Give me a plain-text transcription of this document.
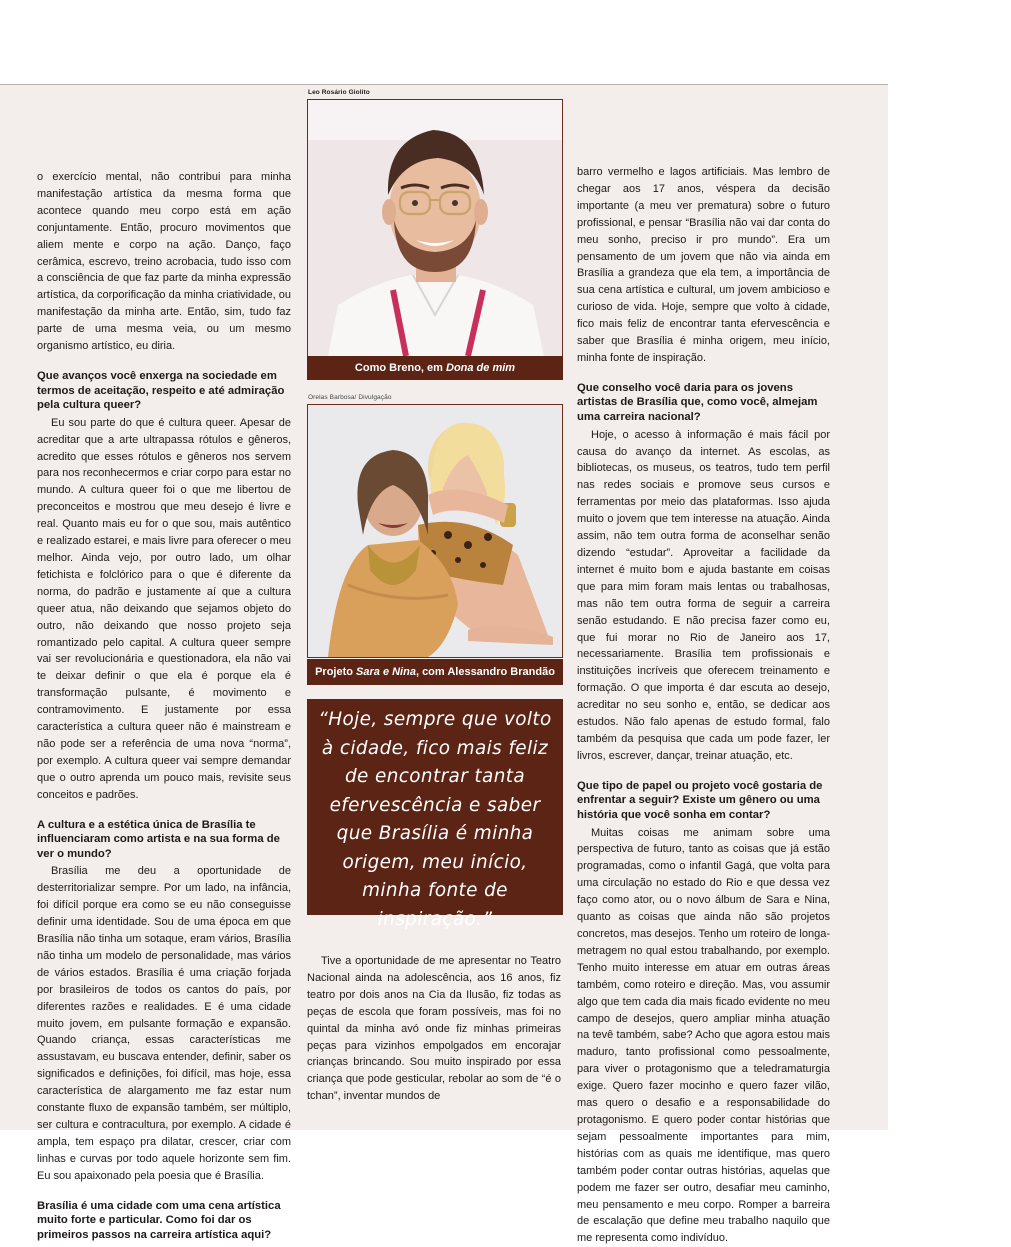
o exercício mental, não contribui para minha manifestação artística da mesma forma que acontece quando meu corpo está em ação conjuntamente. Então, procuro movimentos que aliem mente e corpo na ação. Danço, faço cerâmica, escrevo, treino acrobacia, tudo isso com a consciência de que faz parte da minha expressão artística, da corporificação da minha criatividade, ou manifestação da minha arte. Então, sim, tudo faz parte de uma mesma veia, ou um mesmo organismo artístico, eu diria.

Que avanços você enxerga na sociedade em termos de aceitação, respeito e até admiração pela cultura queer?

Eu sou parte do que é cultura queer. Apesar de acreditar que a arte ultrapassa rótulos e gêneros, acredito que esses rótulos e gêneros nos servem para nos reconhecermos e criar corpo para estar no mundo. A cultura queer foi o que me libertou de preconceitos e mostrou que meu desejo é livre e real. Quanto mais eu for o que sou, mais autêntico e realizado estarei, e mais livre para oferecer o meu melhor. Ainda vejo, por outro lado, um olhar fetichista e folclórico para o que é diferente da norma, do padrão e justamente aí que a cultura queer atua, não deixando que sejamos objeto do outro, não deixando que nosso projeto seja romantizado pelo capital. A cultura queer sempre vai ser revolucionária e questionadora, ela não vai te deixar definir o que ela é porque ela é transformação pulsante, é movimento e contramovimento. E justamente por essa característica a cultura queer não é mainstream e não pode ser a referência de uma nova “norma”, por exemplo. A cultura queer vai sempre demandar que o outro aprenda um pouco mais, revisite seus conceitos e padrões.

A cultura e a estética única de Brasília te influenciaram como artista e na sua forma de ver o mundo?

Brasília me deu a oportunidade de desterritorializar sempre. Por um lado, na infância, foi difícil porque era como se eu não conseguisse definir uma identidade. Sou de uma época em que Brasília não tinha um sotaque, eram vários, Brasília não tinha um modelo de personalidade, mas vários de vários estados. Brasília é uma criação forjada por brasileiros de todos os cantos do país, por diferentes razões e realidades. E é uma cidade muito jovem, em pulsante formação e expansão. Quando criança, essas características me assustavam, eu buscava entender, definir, saber os significados e definições, foi difícil, mas hoje, essa característica de alargamento me faz estar num constante fluxo de expansão também, ser múltiplo, ser cultura e contracultura, por exemplo. A cidade é ampla, tem espaço pra dilatar, crescer, criar com linhas e curvas por todo aquele horizonte sem fim. Eu sou apaixonado pela poesia que é Brasília.

Brasília é uma cidade com uma cena artística muito forte e particular. Como foi dar os primeiros passos na carreira artística aqui?
Leo Rosário Giolito
Como Breno, em Dona de mim
Orelas Barbosa/ Divulgação
Projeto Sara e Nina, com Alessandro Brandão
“Hoje, sempre que volto à cidade, fico mais feliz de encontrar tanta efervescência e saber que Brasília é minha origem, meu início, minha fonte de inspiração.”

Tive a oportunidade de me apresentar no Teatro Nacional ainda na adolescência, aos 16 anos, fiz teatro por dois anos na Cia da Ilusão, fiz todas as peças de escola que foram possíveis, mas foi no quintal da minha avó onde fiz minhas primeiras peças para vizinhos empolgados em encorajar crianças brincando. Sou muito inspirado por essa criança que pode gesticular, rebolar ao som de “é o tchan”, inventar mundos de

barro vermelho e lagos artificiais. Mas lembro de chegar aos 17 anos, véspera da decisão importante (a meu ver prematura) sobre o futuro profissional, e pensar “Brasília não vai dar conta do meu sonho, preciso ir pro mundo”. Era um pensamento de um jovem que não via ainda em Brasília a grandeza que ela tem, a importância de sua cena artística e cultural, um jovem ambicioso e curioso de vida. Hoje, sempre que volto à cidade, fico mais feliz de encontrar tanta efervescência e saber que Brasília é minha origem, meu início, minha fonte de inspiração.

Que conselho você daria para os jovens artistas de Brasília que, como você, almejam uma carreira nacional?

Hoje, o acesso à informação é mais fácil por causa do avanço da internet. As escolas, as bibliotecas, os museus, os teatros, tudo tem perfil nas redes sociais e promove seus cursos e ferramentas por meio das plataformas. Isso ajuda muito o jovem que tem interesse na atuação. Ainda assim, não tem outra forma de aconselhar senão dizendo “estudar”. Aproveitar a facilidade da internet é muito bom e ajuda bastante em coisas que para mim foram mais lentas ou trabalhosas, mas não tem outra forma de seguir a carreira senão estudando. E não precisa fazer como eu, que fui morar no Rio de Janeiro aos 17, necessariamente. Brasília tem profissionais e instituições incríveis que oferecem treinamento e formação. O que importa é dar escuta ao desejo, acreditar no seu sonho e, então, se dedicar aos estudos. Não falo apenas de estudo formal, falo também da pesquisa que cada um pode fazer, ler livros, escrever, dançar, treinar atuação, etc.

Que tipo de papel ou projeto você gostaria de enfrentar a seguir? Existe um gênero ou uma história que você sonha em contar?

Muitas coisas me animam sobre uma perspectiva de futuro, tanto as coisas que já estão programadas, como o infantil Gagá, que volta para uma circulação no estado do Rio e que dessa vez faço como ator, ou o novo álbum de Sara e Nina, quanto as coisas que ainda não são projetos concretos, mas desejos. Tenho um roteiro de longa-metragem no qual estou trabalhando, por exemplo. Tenho muito interesse em atuar em outras áreas também, como roteiro e direção. Mas, vou assumir algo que tem cada dia mais ficado evidente no meu campo de desejos, quero ampliar minha atuação na tevê também, sabe? Acho que agora estou mais maduro, tanto profissional como pessoalmente, para viver o protagonismo que a teledramaturgia exige. Quero fazer mocinho e quero fazer vilão, mas quero o desafio e a responsabilidade do protagonismo. E quero poder contar histórias que sejam pessoalmente importantes para mim, histórias com as quais me identifique, mas quero também poder contar outras histórias, aquelas que podem me fazer ser outro, desafiar meu caminho, meu pensamento e meu corpo. Romper a barreira de escalação que define meu trabalho naquilo que me representa como indivíduo.
